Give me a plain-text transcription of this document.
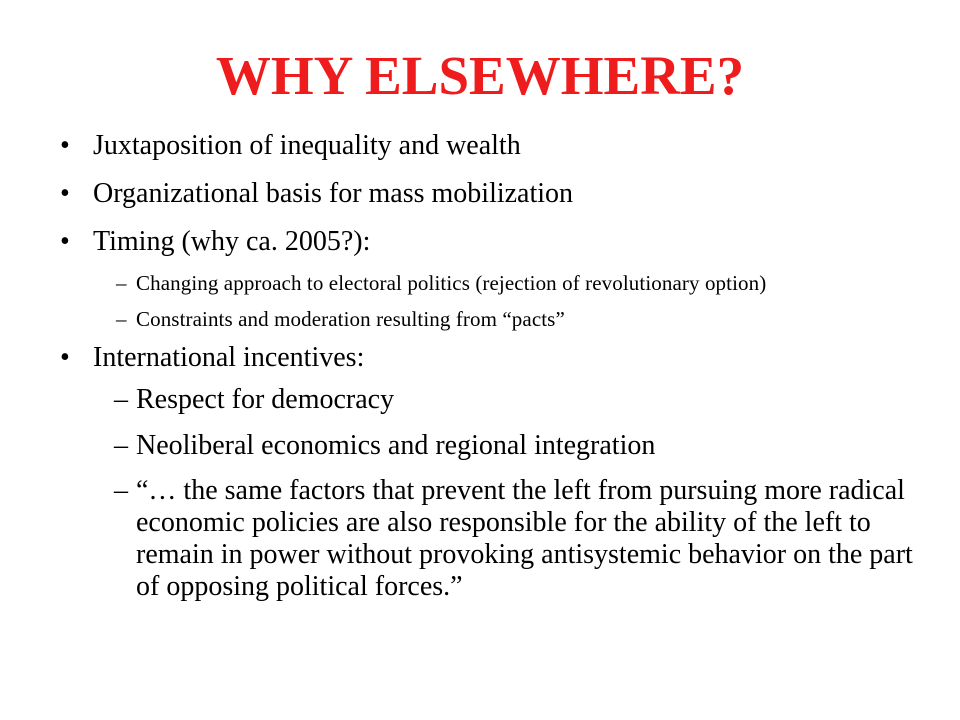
WHY ELSEWHERE?
• Juxtaposition of inequality and wealth
• Organizational basis for mass mobilization
• Timing (why ca. 2005?):
– Changing approach to electoral politics (rejection of revolutionary option)
– Constraints and moderation resulting from “pacts”
• International incentives:
– Respect for democracy
– Neoliberal economics and regional integration
– “… the same factors that prevent the left from pursuing more radical economic policies are also responsible for the ability of the left to remain in power without provoking antisystemic behavior on the part of opposing political forces.”
